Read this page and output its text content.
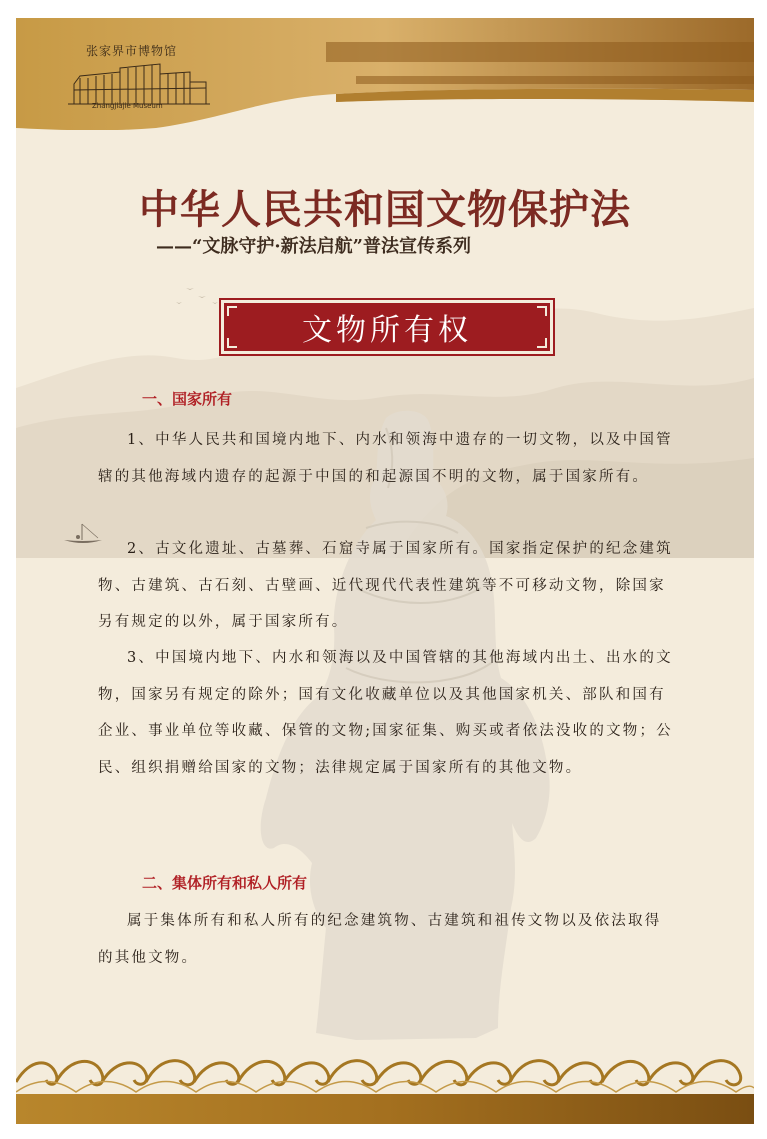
张家界市博物馆
Zhangjiajie Museum
中华人民共和国文物保护法
——“文脉守护·新法启航”普法宣传系列
文物所有权
一、国家所有

1、中华人民共和国境内地下、内水和领海中遗存的一切文物，以及中国管辖的其他海域内遗存的起源于中国的和起源国不明的文物，属于国家所有。

2、古文化遗址、古墓葬、石窟寺属于国家所有。国家指定保护的纪念建筑物、古建筑、古石刻、古壁画、近代现代代表性建筑等不可移动文物，除国家另有规定的以外，属于国家所有。

3、中国境内地下、内水和领海以及中国管辖的其他海域内出土、出水的文物，国家另有规定的除外；国有文化收藏单位以及其他国家机关、部队和国有企业、事业单位等收藏、保管的文物;国家征集、购买或者依法没收的文物；公民、组织捐赠给国家的文物；法律规定属于国家所有的其他文物。

二、集体所有和私人所有

属于集体所有和私人所有的纪念建筑物、古建筑和祖传文物以及依法取得的其他文物。
